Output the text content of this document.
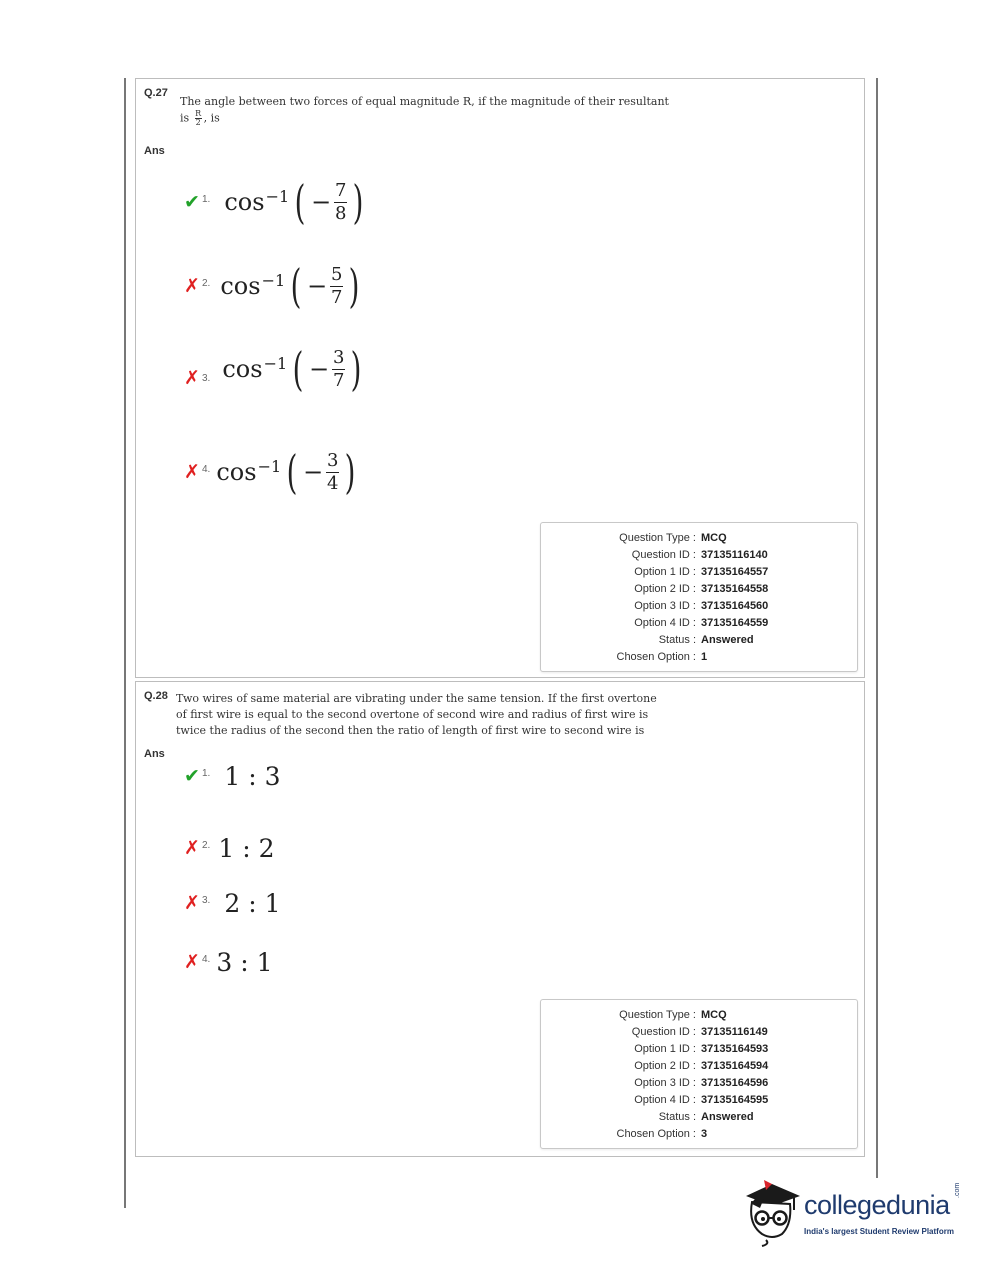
Q.27
The angle between two forces of equal magnitude R, if the magnitude of their resultant
is $\frac{R}{2}$ , is
Ans
✔ 1. $\cos^{-1}$ ( − $\frac{7}{8}$ )
✗ 2. $\cos^{-1}$ ( − $\frac{5}{7}$ )
✗ 3. $\cos^{-1}$ ( − $\frac{3}{7}$ )
✗ 4. $\cos^{-1}$ ( − $\frac{3}{4}$ )
Question Type : MCQ
Question ID : 37135116140
Option 1 ID : 37135164557
Option 2 ID : 37135164558
Option 3 ID : 37135164560
Option 4 ID : 37135164559
Status : Answered
Chosen Option : 1
Q.28 Two wires of same material are vibrating under the same tension. If the first overtone
of first wire is equal to the second overtone of second wire and radius of first wire is
twice the radius of the second then the ratio of length of first wire to second wire is
Ans
✔ 1. 1 : 3
✗ 2. 1 : 2
✗ 3. 2 : 1
✗ 4. 3 : 1
Question Type : MCQ
Question ID : 37135116149
Option 1 ID : 37135164593
Option 2 ID : 37135164594
Option 3 ID : 37135164596
Option 4 ID : 37135164595
Status : Answered
Chosen Option : 3
collegedunia .com
India's largest Student Review Platform
